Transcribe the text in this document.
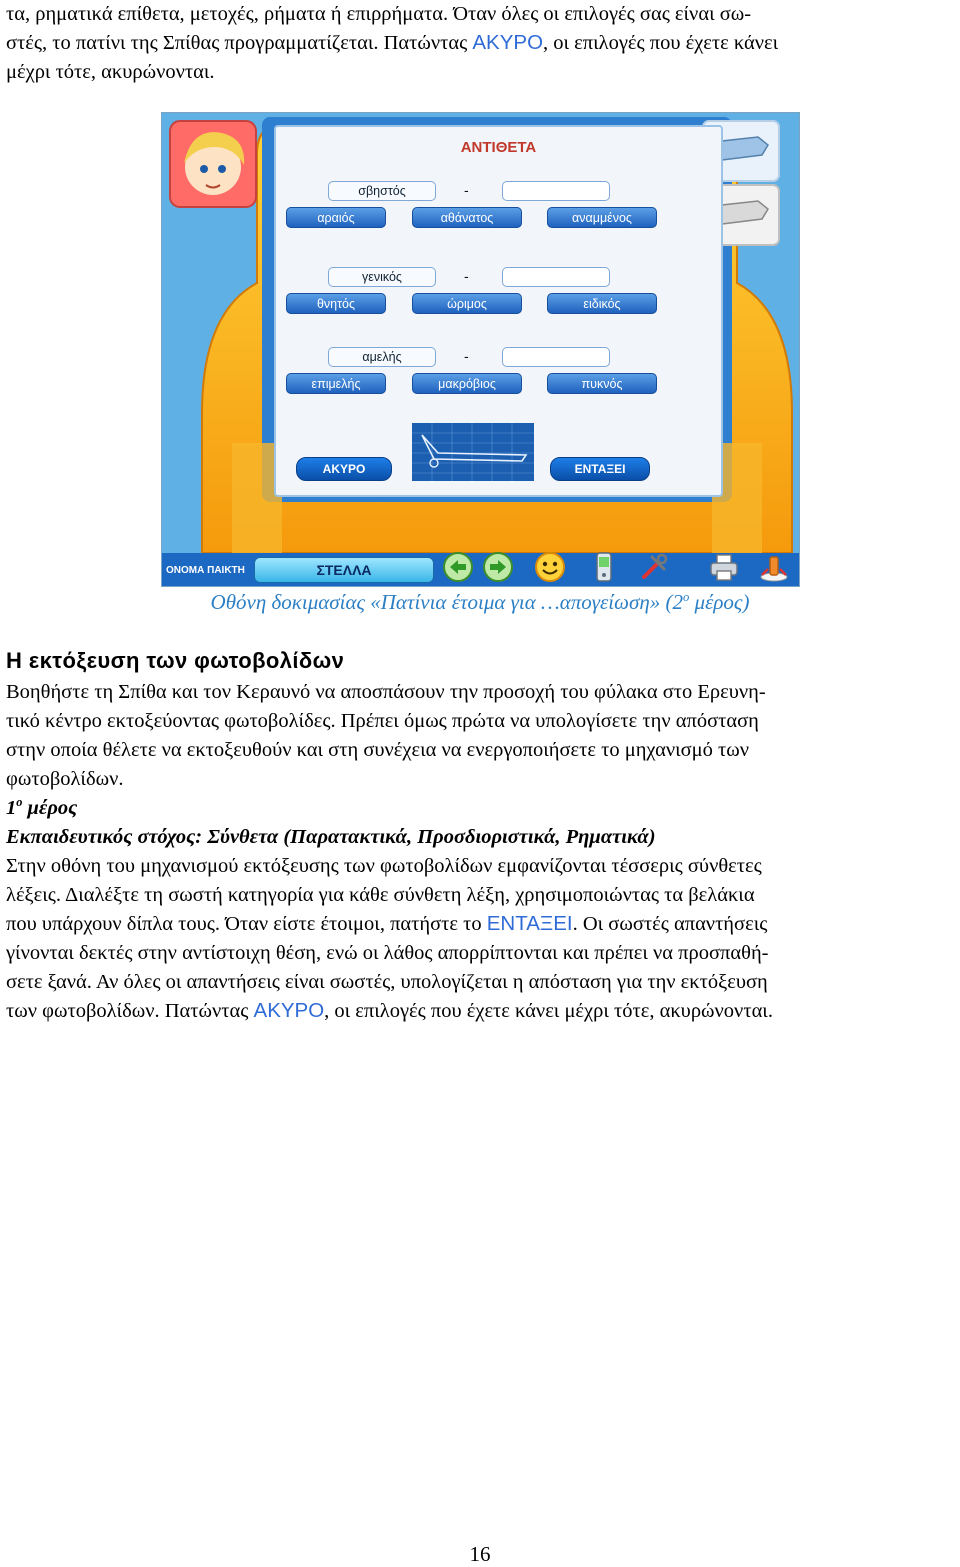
τα, ρηματικά επίθετα, μετοχές, ρήματα ή επιρρήματα. Όταν όλες οι επιλογές σας είναι σω-
στές, το πατίνι της Σπίθας προγραμματίζεται. Πατώντας ΑΚΥΡΟ, οι επιλογές που έχετε κάνει
μέχρι τότε, ακυρώνονται.

ΑΝΤΙΘΕΤΑ
σβηστός	-
αραιός	αθάνατος	αναμμένος
γενικός	-
θνητός	ώριμος	ειδικός
αμελής	-
επιμελής	μακρόβιος	πυκνός
ΑΚΥΡΟ	ΕΝΤΑΞΕΙ
ΟΝΟΜΑ ΠΑΙΚΤΗ	ΣΤΕΛΛΑ

Οθόνη δοκιμασίας «Πατίνια έτοιμα για …απογείωση» ($2^o$ μέρος)

Η εκτόξευση των φωτοβολίδων

Βοηθήστε τη Σπίθα και τον Κεραυνό να αποσπάσουν την προσοχή του φύλακα στο Ερευνη-
τικό κέντρο εκτοξεύοντας φωτοβολίδες. Πρέπει όμως πρώτα να υπολογίσετε την απόσταση
στην οποία θέλετε να εκτοξευθούν και στη συνέχεια να ενεργοποιήσετε το μηχανισμό των
φωτοβολίδων.

$1^o$ μέρος

Εκπαιδευτικός στόχος: Σύνθετα (Παρατακτικά, Προσδιοριστικά, Ρηματικά)

Στην οθόνη του μηχανισμού εκτόξευσης των φωτοβολίδων εμφανίζονται τέσσερις σύνθετες
λέξεις. Διαλέξτε τη σωστή κατηγορία για κάθε σύνθετη λέξη, χρησιμοποιώντας τα βελάκια
που υπάρχουν δίπλα τους. Όταν είστε έτοιμοι, πατήστε το ΕΝΤΑΞΕΙ. Οι σωστές απαντήσεις
γίνονται δεκτές στην αντίστοιχη θέση, ενώ οι λάθος απορρίπτονται και πρέπει να προσπαθή-
σετε ξανά. Αν όλες οι απαντήσεις είναι σωστές, υπολογίζεται η απόσταση για την εκτόξευση
των φωτοβολίδων. Πατώντας ΑΚΥΡΟ, οι επιλογές που έχετε κάνει μέχρι τότε, ακυρώνονται.

16
